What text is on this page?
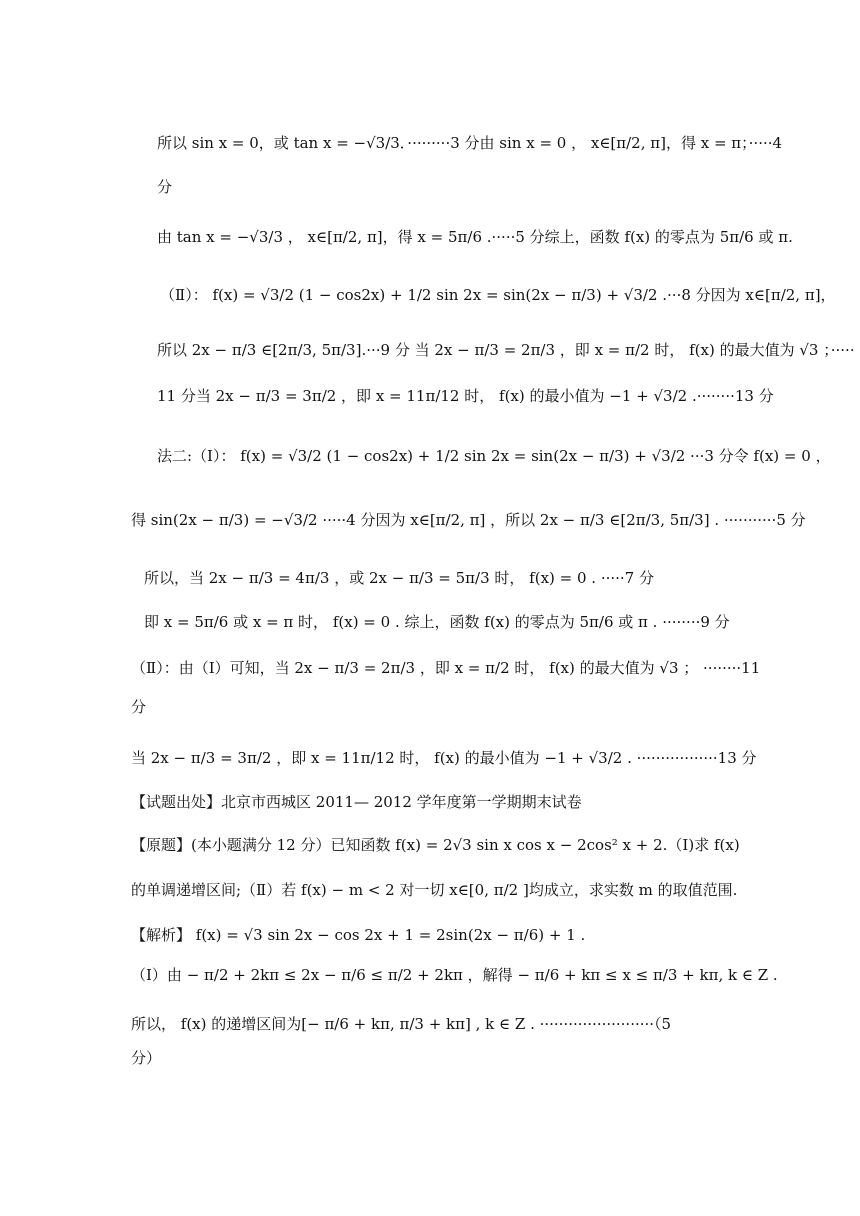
所以 sin x = 0，或 tan x = −√3/3．·········3 分由 sin x = 0 ， x∈[π/2, π]，得 x = π；·····4
分
由 tan x = −√3/3 ， x∈[π/2, π]，得 x = 5π/6 .·····5 分综上，函数 f(x) 的零点为 5π/6 或 π.
（Ⅱ）： f(x) = √3/2 (1 − cos2x) + 1/2 sin 2x = sin(2x − π/3) + √3/2 .···8 分因为 x∈[π/2, π]，
所以 2x − π/3 ∈[2π/3, 5π/3].···9 分 当 2x − π/3 = 2π/3 ，即 x = π/2 时， f(x) 的最大值为 √3 ；·····
11 分当 2x − π/3 = 3π/2 ，即 x = 11π/12 时， f(x) 的最小值为 −1 + √3/2 .········13 分
法二:（Ⅰ）： f(x) = √3/2 (1 − cos2x) + 1/2 sin 2x = sin(2x − π/3) + √3/2 ···3 分令 f(x) = 0 ，
得 sin(2x − π/3) = −√3/2 ·····4 分因为 x∈[π/2, π] ，所以 2x − π/3 ∈[2π/3, 5π/3] . ···········5 分
所以，当 2x − π/3 = 4π/3 ，或 2x − π/3 = 5π/3 时， f(x) = 0 . ·····7 分
即 x = 5π/6 或 x = π 时， f(x) = 0 . 综上，函数 f(x) 的零点为 5π/6 或 π . ········9 分
（Ⅱ）：由（Ⅰ）可知，当 2x − π/3 = 2π/3 ，即 x = π/2 时， f(x) 的最大值为 √3 ； ········11
分
当 2x − π/3 = 3π/2 ，即 x = 11π/12 时， f(x) 的最小值为 −1 + √3/2 . ·················13 分
【试题出处】北京市西城区 2011— 2012 学年度第一学期期末试卷
【原题】(本小题满分 12 分）已知函数 f(x) = 2√3 sin x cos x − 2cos² x + 2.（Ⅰ)求 f(x)
的单调递增区间;（Ⅱ）若 f(x) − m < 2 对一切 x∈[0, π/2 ]均成立，求实数 m 的取值范围.
【解析】 f(x) = √3 sin 2x − cos 2x + 1 = 2sin(2x − π/6) + 1 .
（Ⅰ）由 − π/2 + 2kπ ≤ 2x − π/6 ≤ π/2 + 2kπ ，解得 − π/6 + kπ ≤ x ≤ π/3 + kπ, k ∈ Z .
所以， f(x) 的递增区间为[− π/6 + kπ, π/3 + kπ] , k ∈ Z . ························（5
分）
